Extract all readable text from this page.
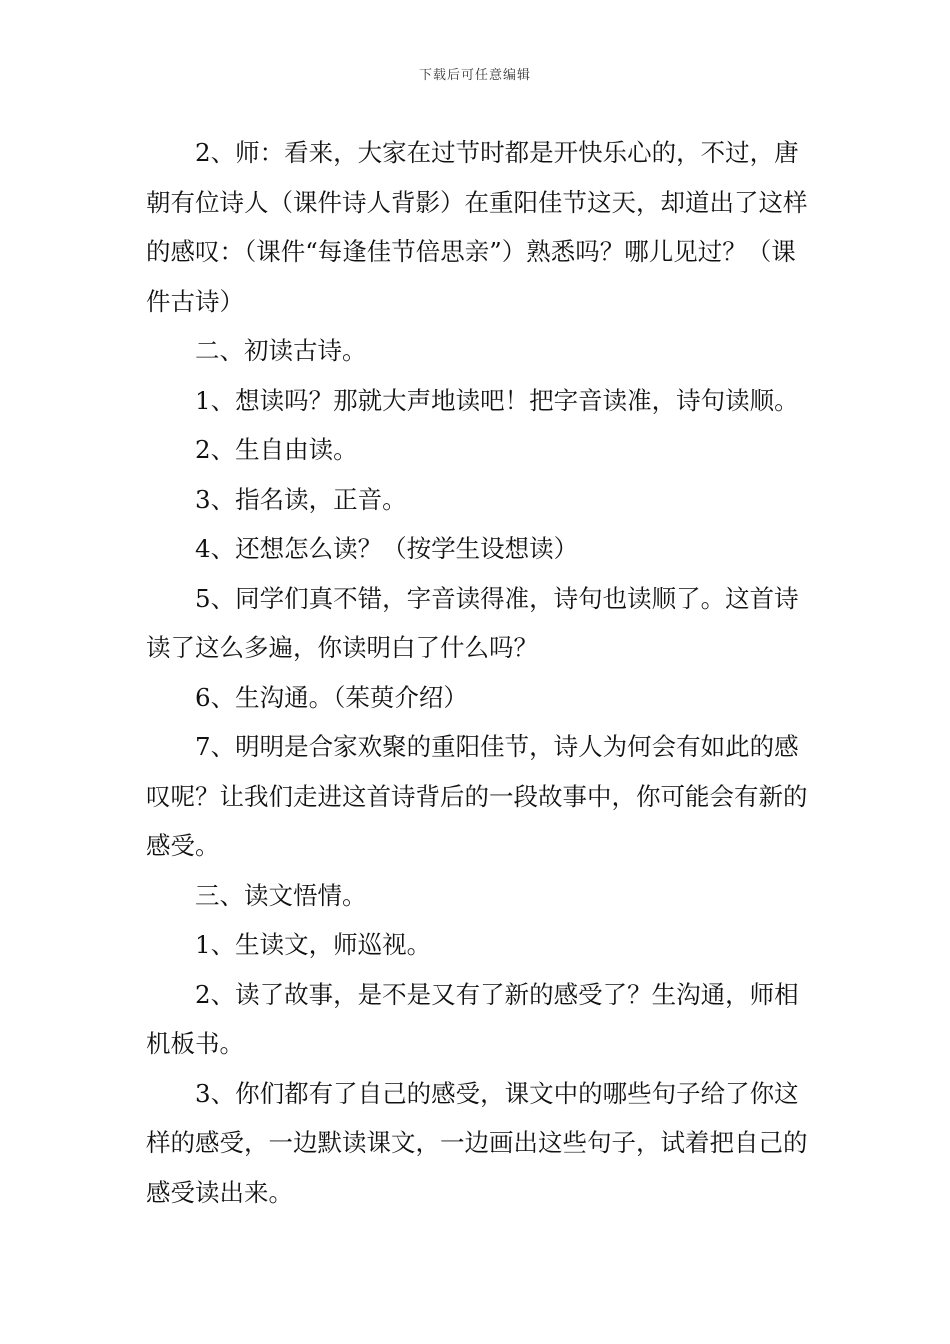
下载后可任意编辑

2、师：看来，大家在过节时都是开快乐心的，不过，唐朝有位诗人（课件诗人背影）在重阳佳节这天，却道出了这样的感叹：（课件“每逢佳节倍思亲”）熟悉吗？哪儿见过？（课件古诗）

二、初读古诗。

1、想读吗？那就大声地读吧！把字音读准，诗句读顺。

2、生自由读。

3、指名读，正音。

4、还想怎么读？（按学生设想读）

5、同学们真不错，字音读得准，诗句也读顺了。这首诗读了这么多遍，你读明白了什么吗？

6、生沟通。（茱萸介绍）

7、明明是合家欢聚的重阳佳节，诗人为何会有如此的感叹呢？让我们走进这首诗背后的一段故事中，你可能会有新的感受。

三、读文悟情。

1、生读文，师巡视。

2、读了故事，是不是又有了新的感受了？生沟通，师相机板书。

3、你们都有了自己的感受，课文中的哪些句子给了你这样的感受，一边默读课文，一边画出这些句子，试着把自己的感受读出来。
